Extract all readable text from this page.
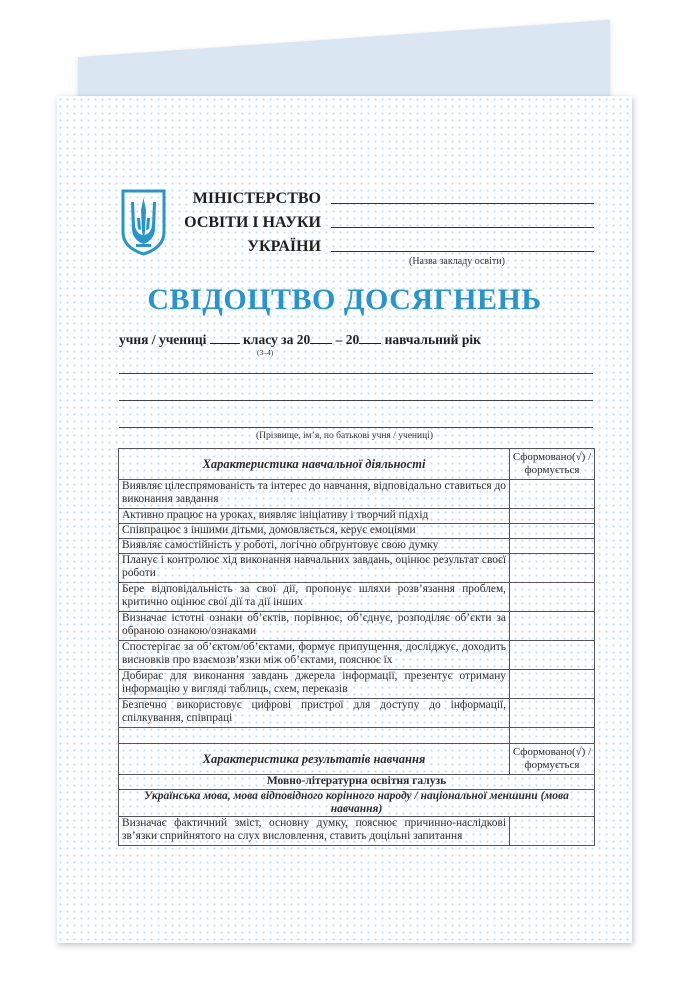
МІНІСТЕРСТВО
ОСВІТИ І НАУКИ
УКРАЇНИ
(Назва закладу освіти)
СВІДОЦТВО ДОСЯГНЕНЬ
учня / учениці	класу за 20 – 20 навчальний рік
(3–4)
(Прізвище, ім’я, по батькові учня / учениці)
Характеристика навчальної діяльності	Сформовано(√) / формується
Виявляє цілеспрямованість та інтерес до навчання, відповідально ставиться до виконання завдання	
Активно працює на уроках, виявляє ініціативу і творчий підхід	
Співпрацює з іншими дітьми, домовляється, керує емоціями	
Виявляє самостійність у роботі, логічно обґрунтовує свою думку	
Планує і контролює хід виконання навчальних завдань, оцінює результат своєї роботи	
Бере відповідальність за свої дії, пропонує шляхи розв’язання проблем, критично оцінює свої дії та дії інших	
Визначає істотні ознаки об’єктів, порівнює, об’єднує, розподіляє об’єкти за обраною ознакою/ознаками	
Спостерігає за об’єктом/об’єктами, формує припущення, досліджує, доходить висновків про взаємозв’язки між об’єктами, пояснює їх	
Добирає для виконання завдань джерела інформації, презентує отриману інформацію у вигляді таблиць, схем, переказів	
Безпечно використовує цифрові пристрої для доступу до інформації, спілкування, співпраці	

Характеристика результатів навчання	Сформовано(√) / формується
Мовно-літературна освітня галузь	
Українська мова, мова відповідного корінного народу / національної меншини (мова навчання)	
Визначає фактичний зміст, основну думку, пояснює причинно-наслідкові зв’язки сприйнятого на слух висловлення, ставить доцільні запитання	
